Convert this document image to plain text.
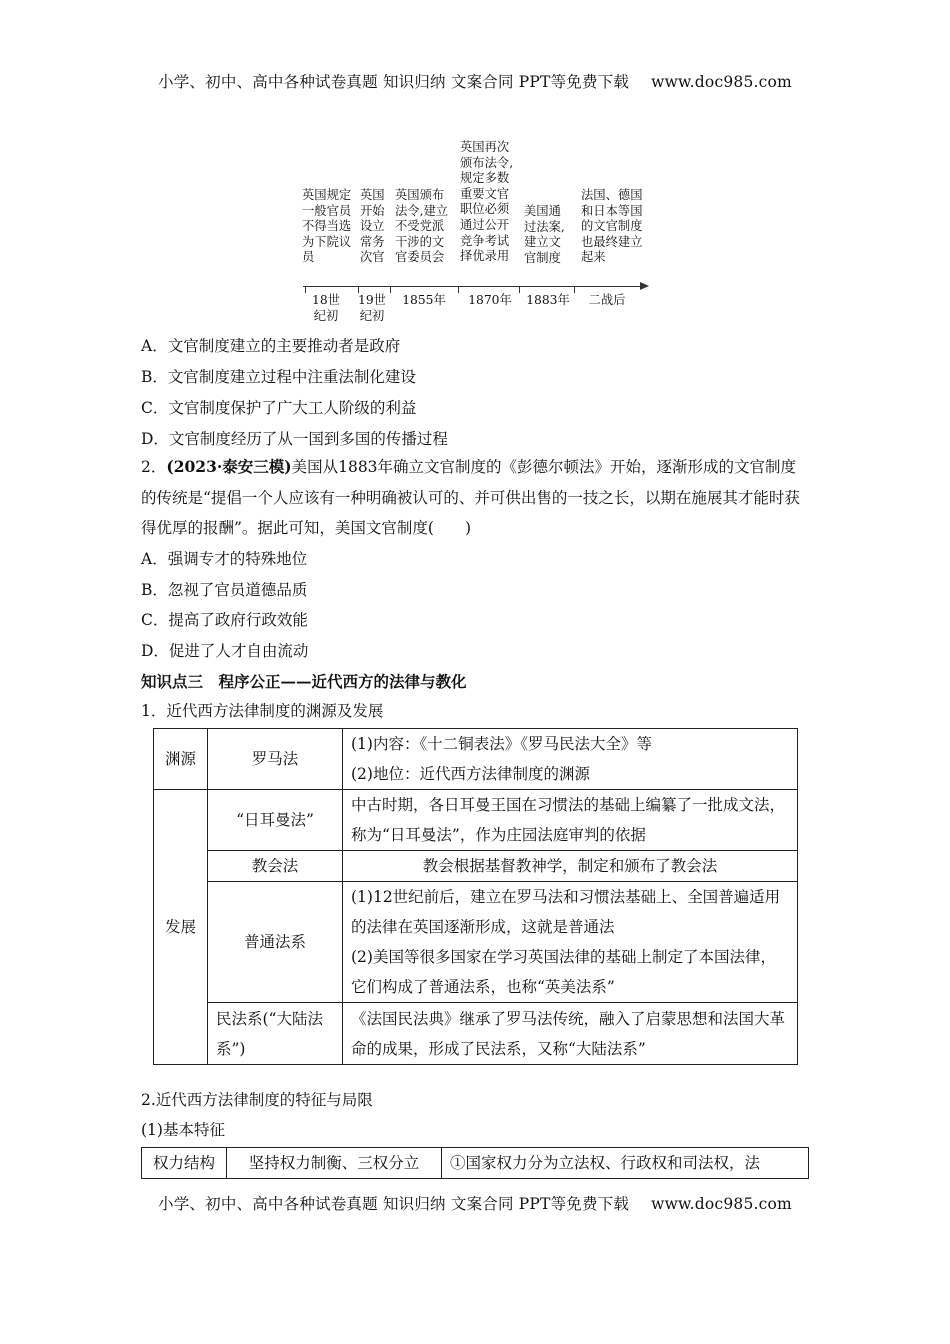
小学、初中、高中各种试卷真题 知识归纳 文案合同 PPT等免费下载 www.doc985.com
英国规定
一般官员
不得当选
为下院议
员
英国
开始
设立
常务
次官
英国颁布
法令,建立
不受党派
干涉的文
官委员会
英国再次
颁布法令,
规定多数
重要文官
职位必须
通过公开
竞争考试
择优录用
美国通
过法案,
建立文
官制度
法国、德国
和日本等国
的文官制度
也最终建立
起来
18世
纪初
19世
纪初
1855年	1870年	1883年	二战后
A．文官制度建立的主要推动者是政府
B．文官制度建立过程中注重法制化建设
C．文官制度保护了广大工人阶级的利益
D．文官制度经历了从一国到多国的传播过程
2．(2023·泰安三模)美国从1883年确立文官制度的《彭德尔顿法》开始，逐渐形成的文官制度的传统是“提倡一个人应该有一种明确被认可的、并可供出售的一技之长，以期在施展其才能时获得优厚的报酬”。据此可知，美国文官制度(　　)
A．强调专才的特殊地位
B．忽视了官员道德品质
C．提高了政府行政效能
D．促进了人才自由流动
知识点三　程序公正——近代西方的法律与教化
1．近代西方法律制度的渊源及发展
渊源	罗马法	(1)内容：《十二铜表法》《罗马民法大全》等
(2)地位：近代西方法律制度的渊源

发展	“日耳曼法”	中古时期，各日耳曼王国在习惯法的基础上编纂了一批成文法，称为“日耳曼法”，作为庄园法庭审判的依据
	教会法	教会根据基督教神学，制定和颁布了教会法
	普通法系	(1)12世纪前后，建立在罗马法和习惯法基础上、全国普遍适用的法律在英国逐渐形成，这就是普通法
(2)美国等很多国家在学习英国法律的基础上制定了本国法律，它们构成了普通法系，也称“英美法系”

	民法系(“大陆法系”)	《法国民法典》继承了罗马法传统，融入了启蒙思想和法国大革命的成果，形成了民法系，又称“大陆法系”
2.近代西方法律制度的特征与局限
(1)基本特征
权力结构	坚持权力制衡、三权分立	①国家权力分为立法权、行政权和司法权，法
小学、初中、高中各种试卷真题 知识归纳 文案合同 PPT等免费下载 www.doc985.com
